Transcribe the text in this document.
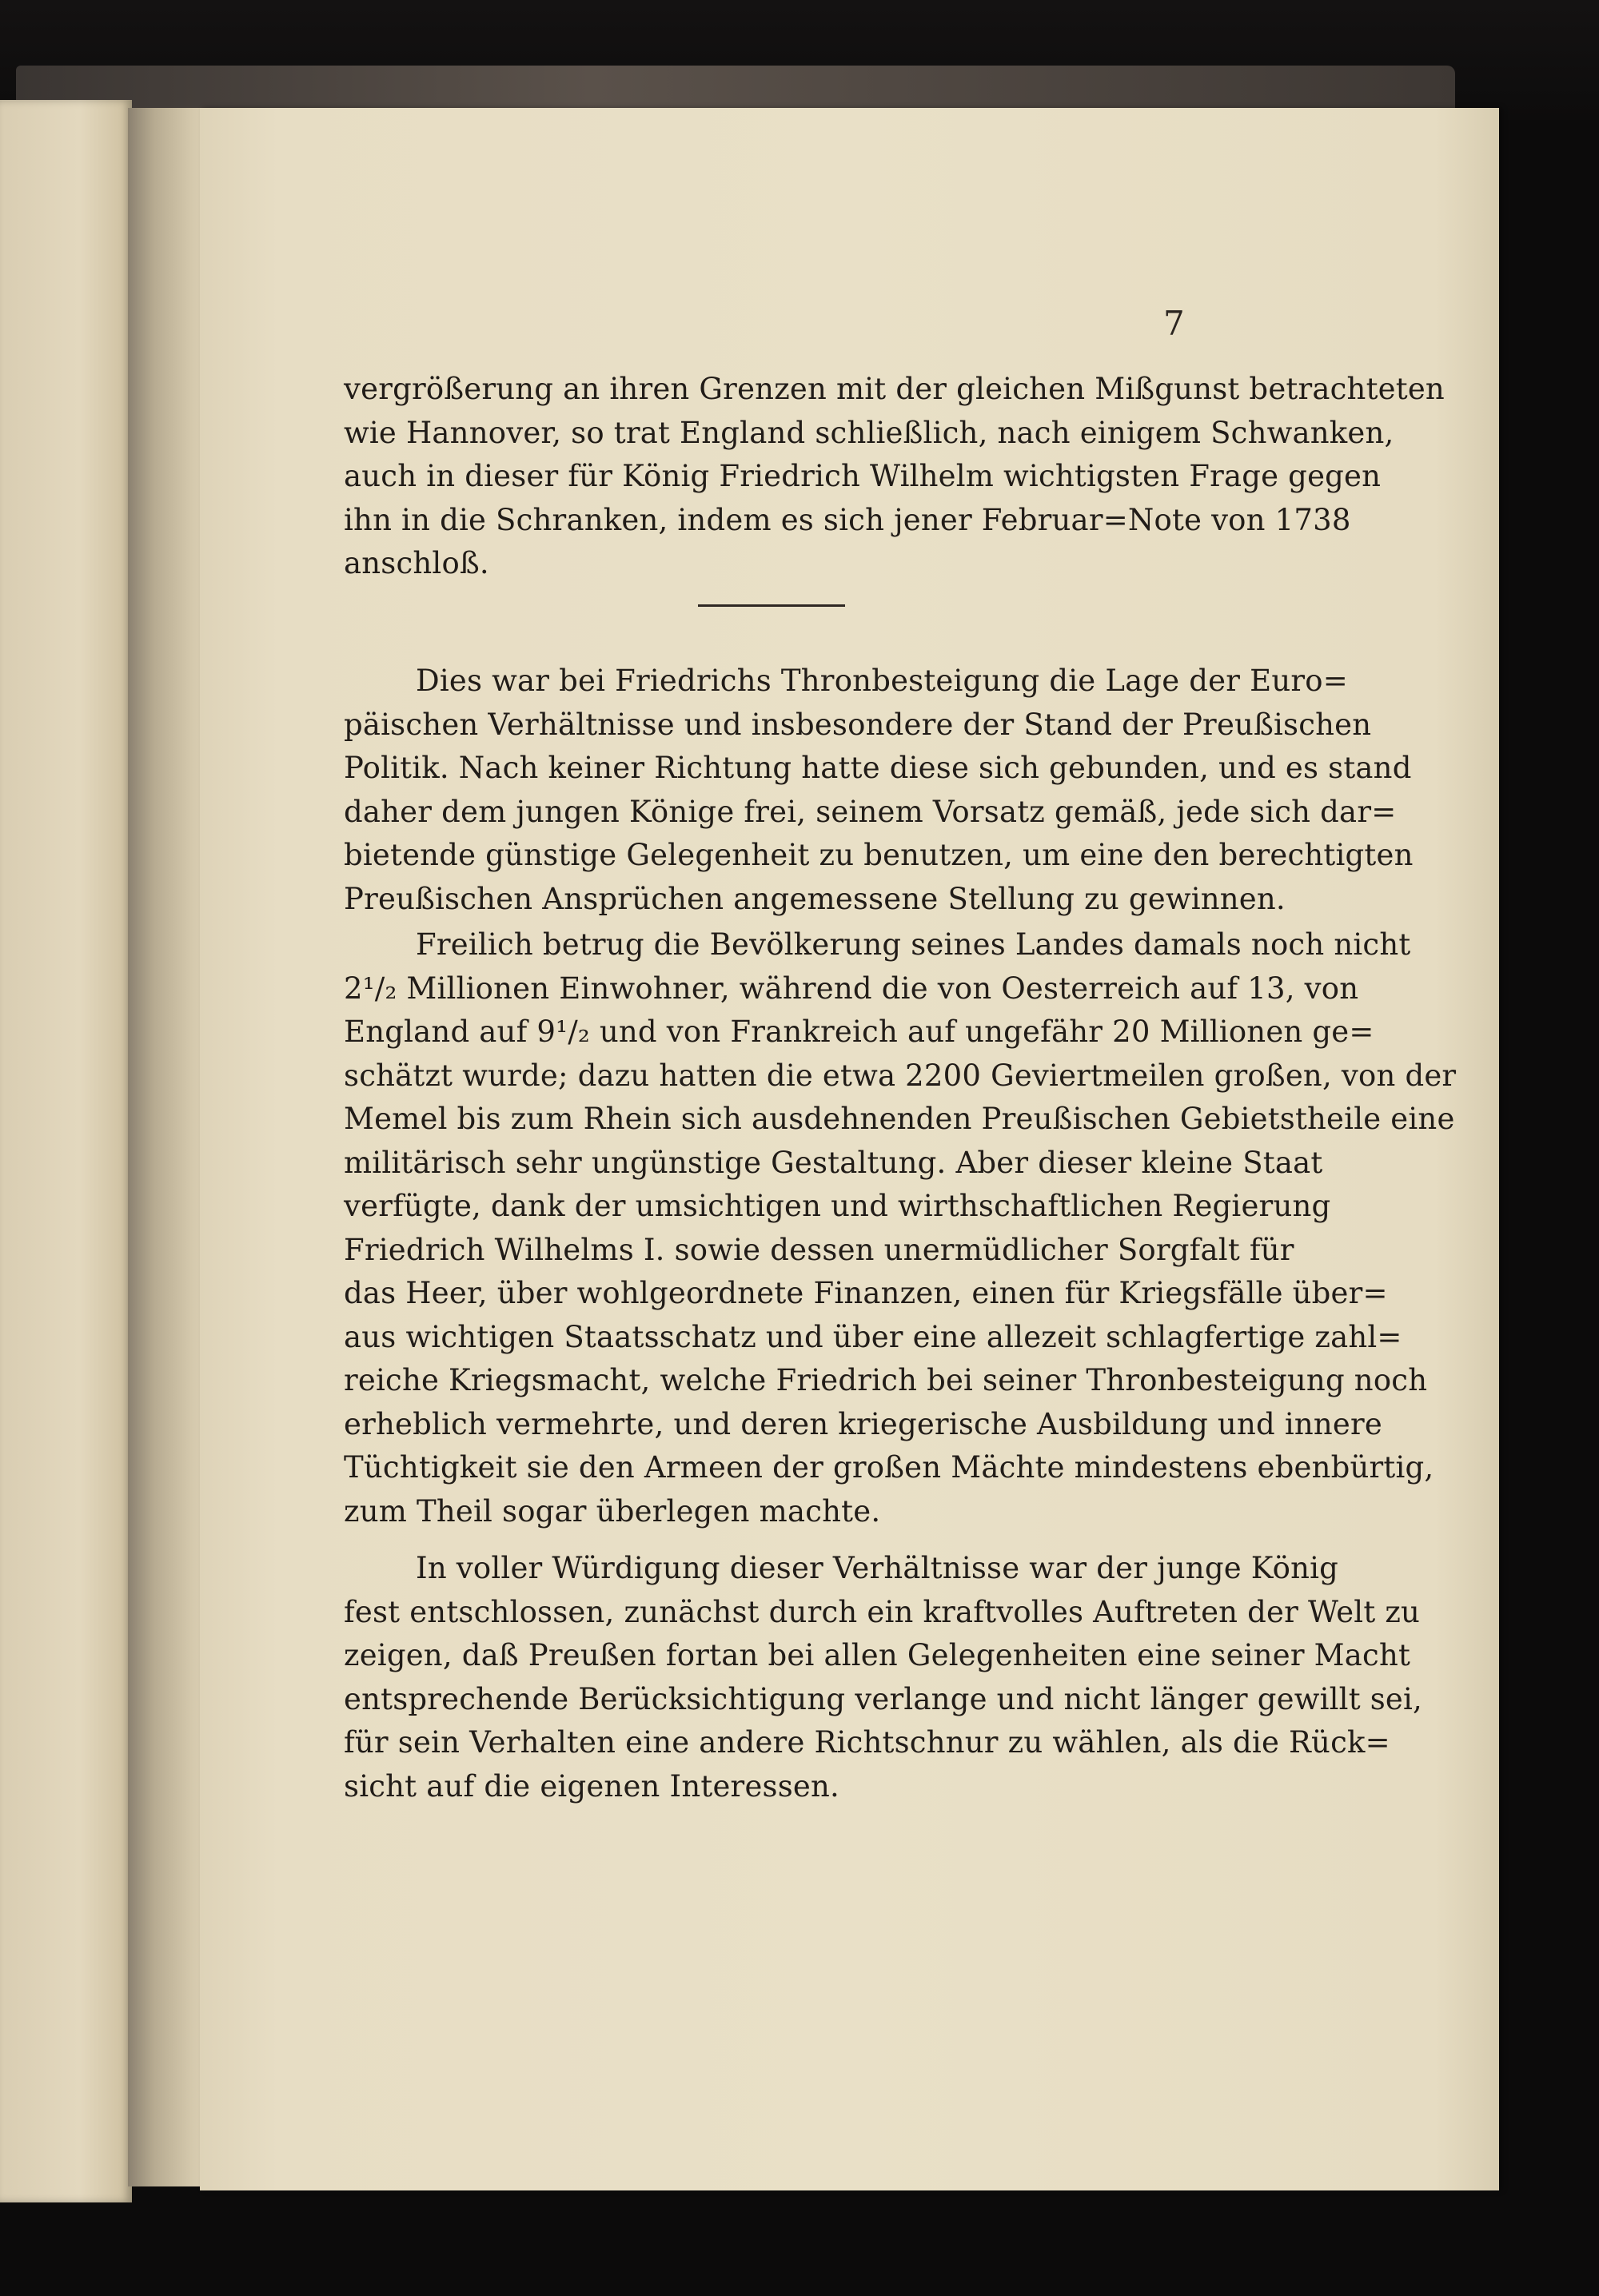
7
vergrößerung an ihren Grenzen mit der gleichen Mißgunst betrachteten
wie Hannover, so trat England schließlich, nach einigem Schwanken,
auch in dieser für König Friedrich Wilhelm wichtigsten Frage gegen
ihn in die Schranken, indem es sich jener Februar=Note von 1738
anschloß.
Dies war bei Friedrichs Thronbesteigung die Lage der Euro=
päischen Verhältnisse und insbesondere der Stand der Preußischen
Politik. Nach keiner Richtung hatte diese sich gebunden, und es stand
daher dem jungen Könige frei, seinem Vorsatz gemäß, jede sich dar=
bietende günstige Gelegenheit zu benutzen, um eine den berechtigten
Preußischen Ansprüchen angemessene Stellung zu gewinnen.
Freilich betrug die Bevölkerung seines Landes damals noch nicht
2¹/₂ Millionen Einwohner, während die von Oesterreich auf 13, von
England auf 9¹/₂ und von Frankreich auf ungefähr 20 Millionen ge=
schätzt wurde; dazu hatten die etwa 2200 Geviertmeilen großen, von der
Memel bis zum Rhein sich ausdehnenden Preußischen Gebietstheile eine
militärisch sehr ungünstige Gestaltung. Aber dieser kleine Staat
verfügte, dank der umsichtigen und wirthschaftlichen Regierung
Friedrich Wilhelms I. sowie dessen unermüdlicher Sorgfalt für
das Heer, über wohlgeordnete Finanzen, einen für Kriegsfälle über=
aus wichtigen Staatsschatz und über eine allezeit schlagfertige zahl=
reiche Kriegsmacht, welche Friedrich bei seiner Thronbesteigung noch
erheblich vermehrte, und deren kriegerische Ausbildung und innere
Tüchtigkeit sie den Armeen der großen Mächte mindestens ebenbürtig,
zum Theil sogar überlegen machte.
In voller Würdigung dieser Verhältnisse war der junge König
fest entschlossen, zunächst durch ein kraftvolles Auftreten der Welt zu
zeigen, daß Preußen fortan bei allen Gelegenheiten eine seiner Macht
entsprechende Berücksichtigung verlange und nicht länger gewillt sei,
für sein Verhalten eine andere Richtschnur zu wählen, als die Rück=
sicht auf die eigenen Interessen.
